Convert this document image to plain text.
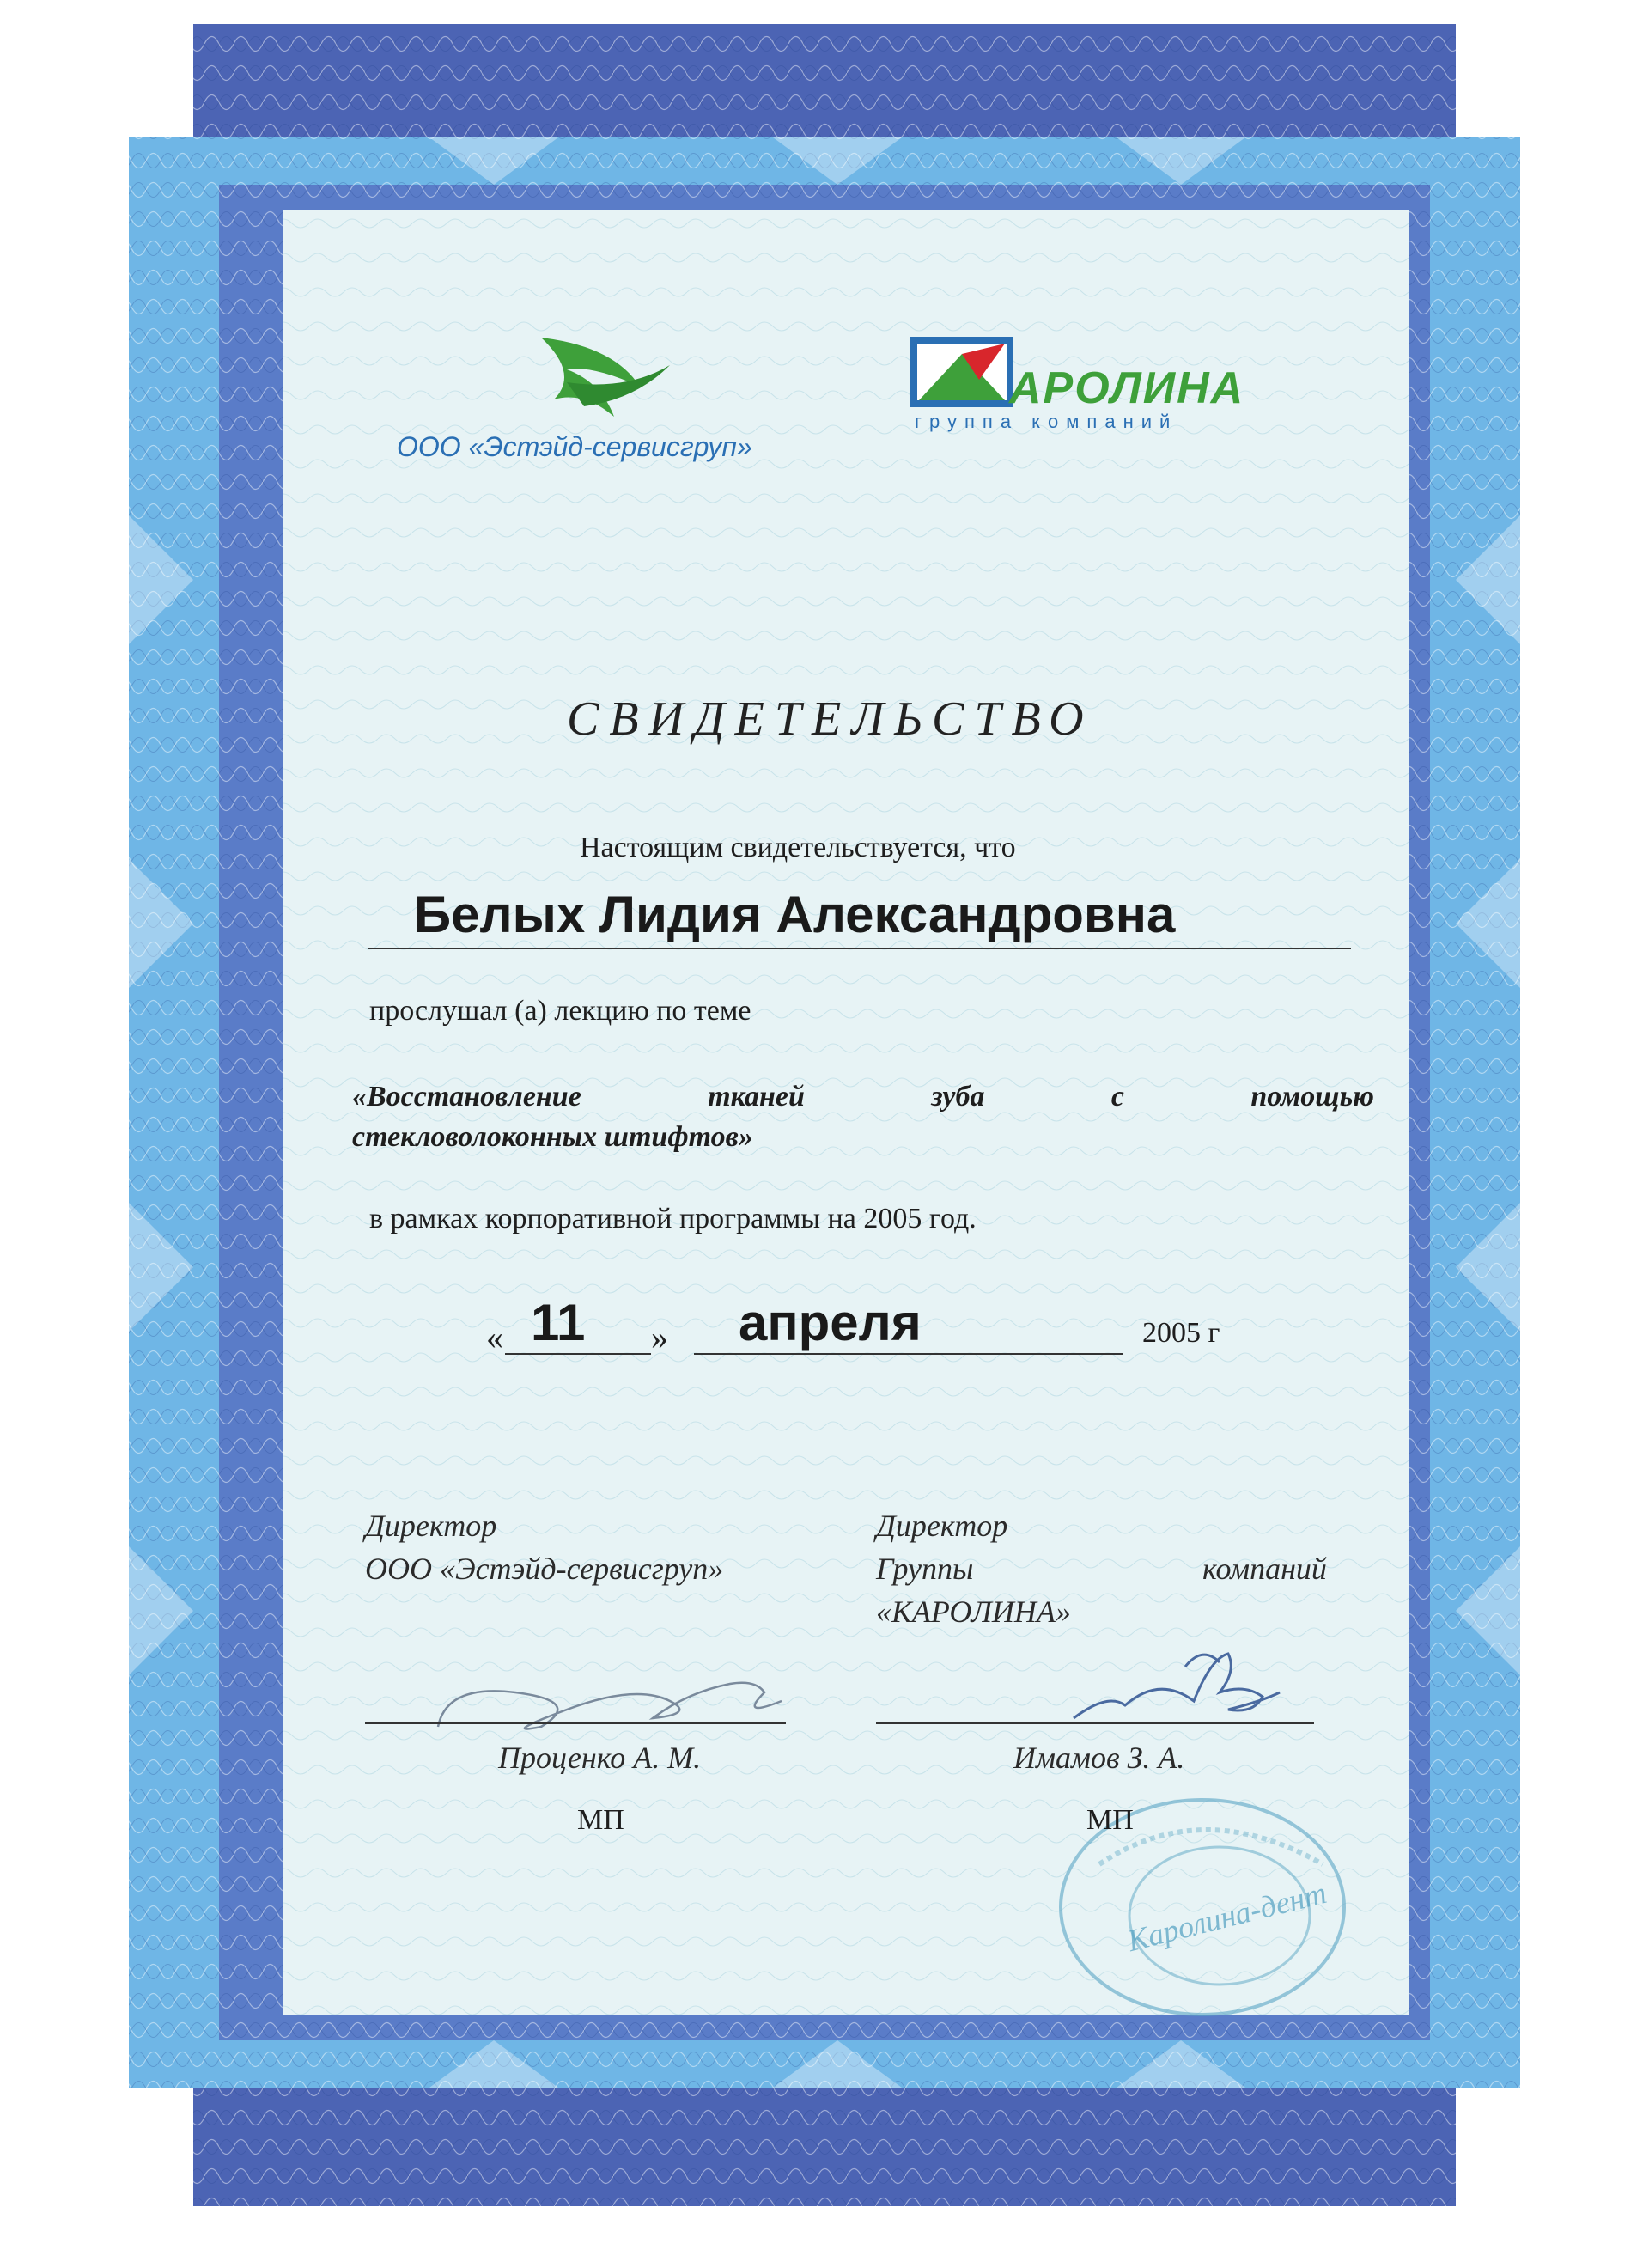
ООО «Эстэйд-сервисгруп»
АРОЛИНА
группа компаний
СВИДЕТЕЛЬСТВО
Настоящим свидетельствуется, что
Белых Лидия Александровна
прослушал (а) лекцию по теме
«Восстановление	тканей	зуба	с	помощью
стекловолоконных штифтов»
в рамках корпоративной программы на 2005 год.
« 11 » апреля	2005 г
Директор
ООО «Эстэйд-сервисгруп»
Проценко А. М.
МП
Директор
Группы	компаний
«КАРОЛИНА»
Каролина-дент
Имамов З. А.
МП
